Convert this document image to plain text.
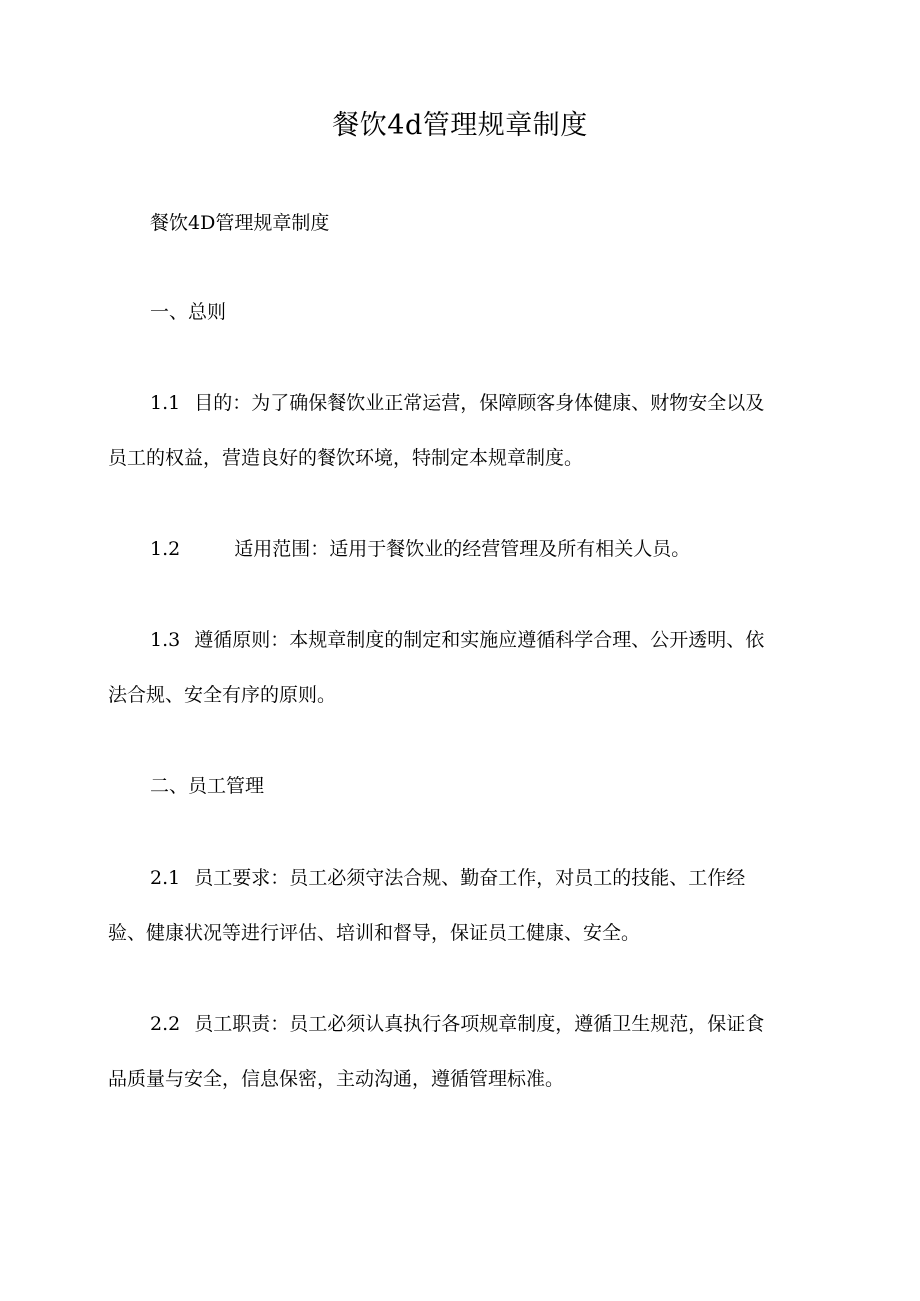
餐饮4d管理规章制度
餐饮4D管理规章制度
一、总则
1.1 目的：为了确保餐饮业正常运营，保障顾客身体健康、财物安全以及
员工的权益，营造良好的餐饮环境，特制定本规章制度。
1.2	适用范围：适用于餐饮业的经营管理及所有相关人员。
1.3 遵循原则：本规章制度的制定和实施应遵循科学合理、公开透明、依
法合规、安全有序的原则。
二、员工管理
2.1 员工要求：员工必须守法合规、勤奋工作，对员工的技能、工作经
验、健康状况等进行评估、培训和督导，保证员工健康、安全。
2.2 员工职责：员工必须认真执行各项规章制度，遵循卫生规范，保证食
品质量与安全，信息保密，主动沟通，遵循管理标准。
